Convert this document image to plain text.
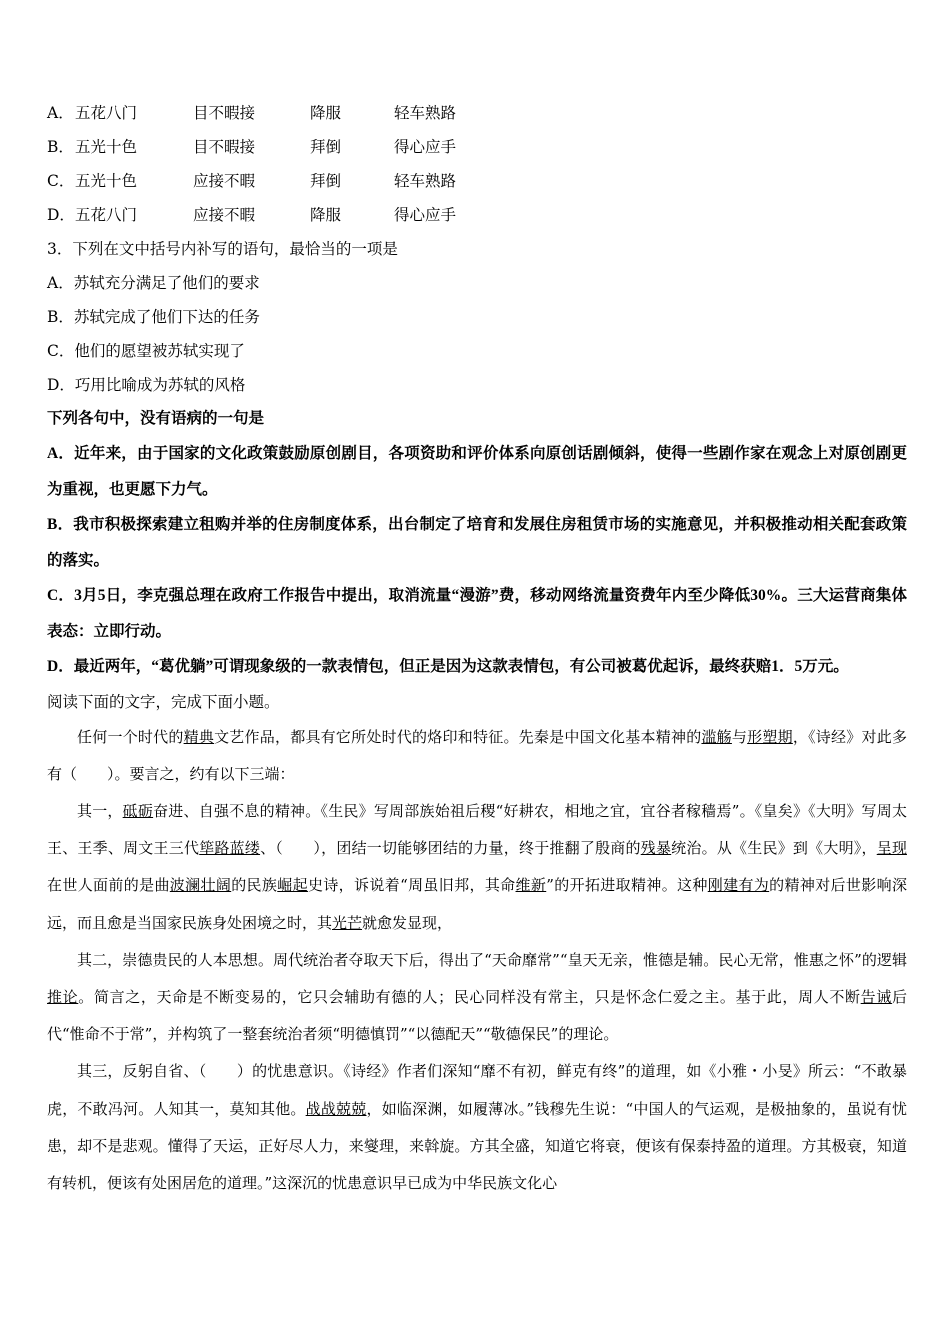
A．五花八门	目不暇接	降服	轻车熟路
B．五光十色	目不暇接	拜倒	得心应手
C．五光十色	应接不暇	拜倒	轻车熟路
D．五花八门	应接不暇	降服	得心应手
3．下列在文中括号内补写的语句，最恰当的一项是
A．苏轼充分满足了他们的要求
B．苏轼完成了他们下达的任务
C．他们的愿望被苏轼实现了
D．巧用比喻成为苏轼的风格
下列各句中，没有语病的一句是
A．近年来，由于国家的文化政策鼓励原创剧目，各项资助和评价体系向原创话剧倾斜，使得一些剧作家在观念上对原创剧更为重视，也更愿下力气。
B．我市积极探索建立租购并举的住房制度体系，出台制定了培育和发展住房租赁市场的实施意见，并积极推动相关配套政策的落实。
C．3月5日，李克强总理在政府工作报告中提出，取消流量“漫游”费，移动网络流量资费年内至少降低30%。三大运营商集体表态：立即行动。
D．最近两年，“葛优躺”可谓现象级的一款表情包，但正是因为这款表情包，有公司被葛优起诉，最终获赔1．5万元。
阅读下面的文字，完成下面小题。

任何一个时代的精典文艺作品，都具有它所处时代的烙印和特征。先秦是中国文化基本精神的滥觞与形塑期，《诗经》对此多有（　　）。要言之，约有以下三端：

其一，砥砺奋进、自强不息的精神。《生民》写周部族始祖后稷“好耕农，相地之宜，宜谷者稼穑焉”。《皇矣》《大明》写周太王、王季、周文王三代筚路蓝缕、（　　），团结一切能够团结的力量，终于推翻了殷商的残暴统治。从《生民》到《大明》，呈现在世人面前的是曲波澜壮阔的民族崛起史诗，诉说着“周虽旧邦，其命维新”的开拓进取精神。这种刚建有为的精神对后世影响深远，而且愈是当国家民族身处困境之时，其光芒就愈发显现，

其二，崇德贵民的人本思想。周代统治者夺取天下后，得出了“天命靡常”“皇天无亲，惟德是辅。民心无常，惟惠之怀”的逻辑推论。简言之，天命是不断变易的，它只会辅助有德的人；民心同样没有常主，只是怀念仁爱之主。基于此，周人不断告诫后代“惟命不于常”，并构筑了一整套统治者须“明德慎罚”“以德配天”“敬德保民”的理论。

其三，反躬自省、（　　）的忧患意识。《诗经》作者们深知“靡不有初，鲜克有终”的道理，如《小雅・小旻》所云：“不敢暴虎，不敢冯河。人知其一，莫知其他。战战兢兢，如临深渊，如履薄冰。”钱穆先生说：“中国人的气运观，是极抽象的，虽说有忧患，却不是悲观。懂得了天运，正好尽人力，来燮理，来斡旋。方其全盛，知道它将衰，便该有保泰持盈的道理。方其极衰，知道有转机，便该有处困居危的道理。”这深沉的忧患意识早已成为中华民族文化心
